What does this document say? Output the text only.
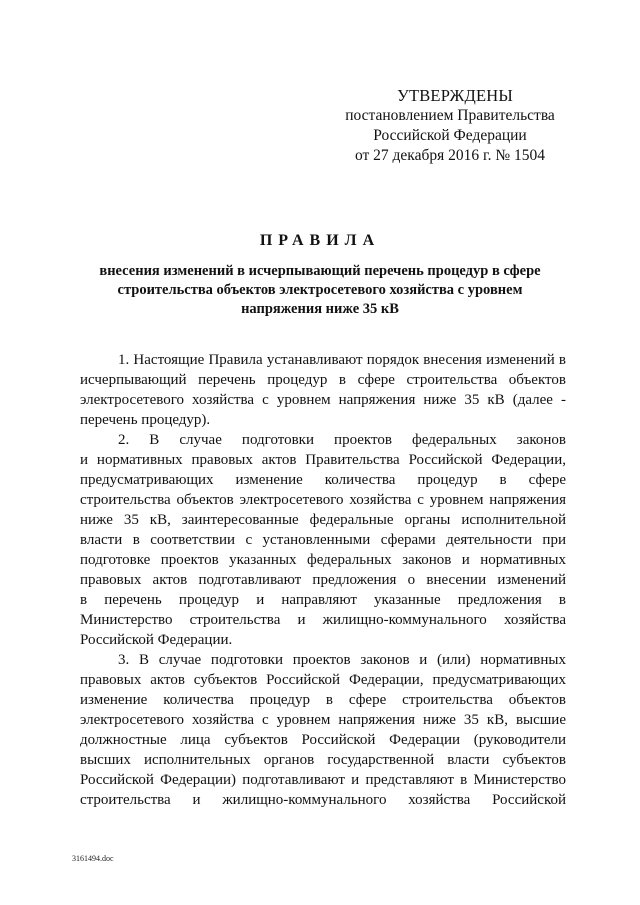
УТВЕРЖДЕНЫ
постановлением Правительства
Российской Федерации
от 27 декабря 2016 г. № 1504
ПРАВИЛА
внесения изменений в исчерпывающий перечень процедур в сфере
строительства объектов электросетевого хозяйства с уровнем
напряжения ниже 35 кВ

1. Настоящие Правила устанавливают порядок внесения изменений в
исчерпывающий перечень процедур в сфере строительства объектов
электросетевого хозяйства с уровнем напряжения ниже 35 кВ (далее -
перечень процедур).

2. В случае подготовки проектов федеральных законов
и нормативных правовых актов Правительства Российской Федерации,
предусматривающих изменение количества процедур в сфере
строительства объектов электросетевого хозяйства с уровнем напряжения
ниже 35 кВ, заинтересованные федеральные органы исполнительной
власти в соответствии с установленными сферами деятельности при
подготовке проектов указанных федеральных законов и нормативных
правовых актов подготавливают предложения о внесении изменений
в перечень процедур и направляют указанные предложения в
Министерство строительства и жилищно-коммунального хозяйства
Российской Федерации.

3. В случае подготовки проектов законов и (или) нормативных
правовых актов субъектов Российской Федерации, предусматривающих
изменение количества процедур в сфере строительства объектов
электросетевого хозяйства с уровнем напряжения ниже 35 кВ, высшие
должностные лица субъектов Российской Федерации (руководители
высших исполнительных органов государственной власти субъектов
Российской Федерации) подготавливают и представляют в Министерство
строительства и жилищно-коммунального хозяйства Российской

3161494.doc
